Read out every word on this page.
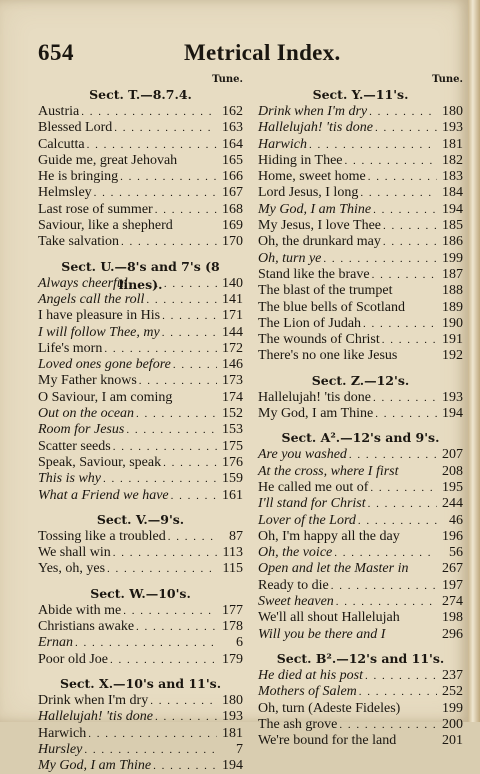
654	Metrical Index.
Tune.
Sect. T.—8.7.4.
Austria . . .	162
Blessed Lord . . .	163
Calcutta . . .	164
Guide me, great Jehovah	165
He is bringing . . .	166
Helmsley . . .	167
Last rose of summer . . .	168
Saviour, like a shepherd	169
Take salvation . . .	170
Sect. U.—8's and 7's (8 lines).
Always cheerful . . .	140
Angels call the roll . . .	141
I have pleasure in His . . .	171
I will follow Thee, my . . .	144
Life's morn . . .	172
Loved ones gone before . . .	146
My Father knows . . .	173
O Saviour, I am coming	174
Out on the ocean . . .	152
Room for Jesus . . .	153
Scatter seeds . . .	175
Speak, Saviour, speak . . .	176
This is why . . .	159
What a Friend we have . . .	161
Sect. V.—9's.
Tossing like a troubled . . .	87
We shall win . . .	113
Yes, oh, yes . . .	115
Sect. W.—10's.
Abide with me . . .	177
Christians awake . . .	178
Ernan . . .	6
Poor old Joe . . .	179
Sect. X.—10's and 11's.
Drink when I'm dry . . .	180
Hallelujah! 'tis done . . .	193
Harwich . . .	181
Hursley . . .	7
My God, I am Thine . . .	194
Tune.
Sect. Y.—11's.
Drink when I'm dry . . .	180
Hallelujah! 'tis done . . .	193
Harwich . . .	181
Hiding in Thee . . .	182
Home, sweet home . . .	183
Lord Jesus, I long . . .	184
My God, I am Thine . . .	194
My Jesus, I love Thee . . .	185
Oh, the drunkard may . . .	186
Oh, turn ye . . .	199
Stand like the brave . . .	187
The blast of the trumpet	188
The blue bells of Scotland	189
The Lion of Judah . . .	190
The wounds of Christ . . .	191
There's no one like Jesus	192
Sect. Z.—12's.
Hallelujah! 'tis done . . .	193
My God, I am Thine . . .	194
Sect. A².—12's and 9's.
Are you washed . . .	207
At the cross, where I first	208
He called me out of . . .	195
I'll stand for Christ . . .	244
Lover of the Lord . . .	46
Oh, I'm happy all the day	196
Oh, the voice . . .	56
Open and let the Master in 267
Ready to die . . .	197
Sweet heaven . . .	274
We'll all shout Hallelujah	198
Will you be there and I	296
Sect. B².—12's and 11's.
He died at his post . . .	237
Mothers of Salem . . .	252
Oh, turn (Adeste Fideles)	199
The ash grove . . .	200
We're bound for the land	201
